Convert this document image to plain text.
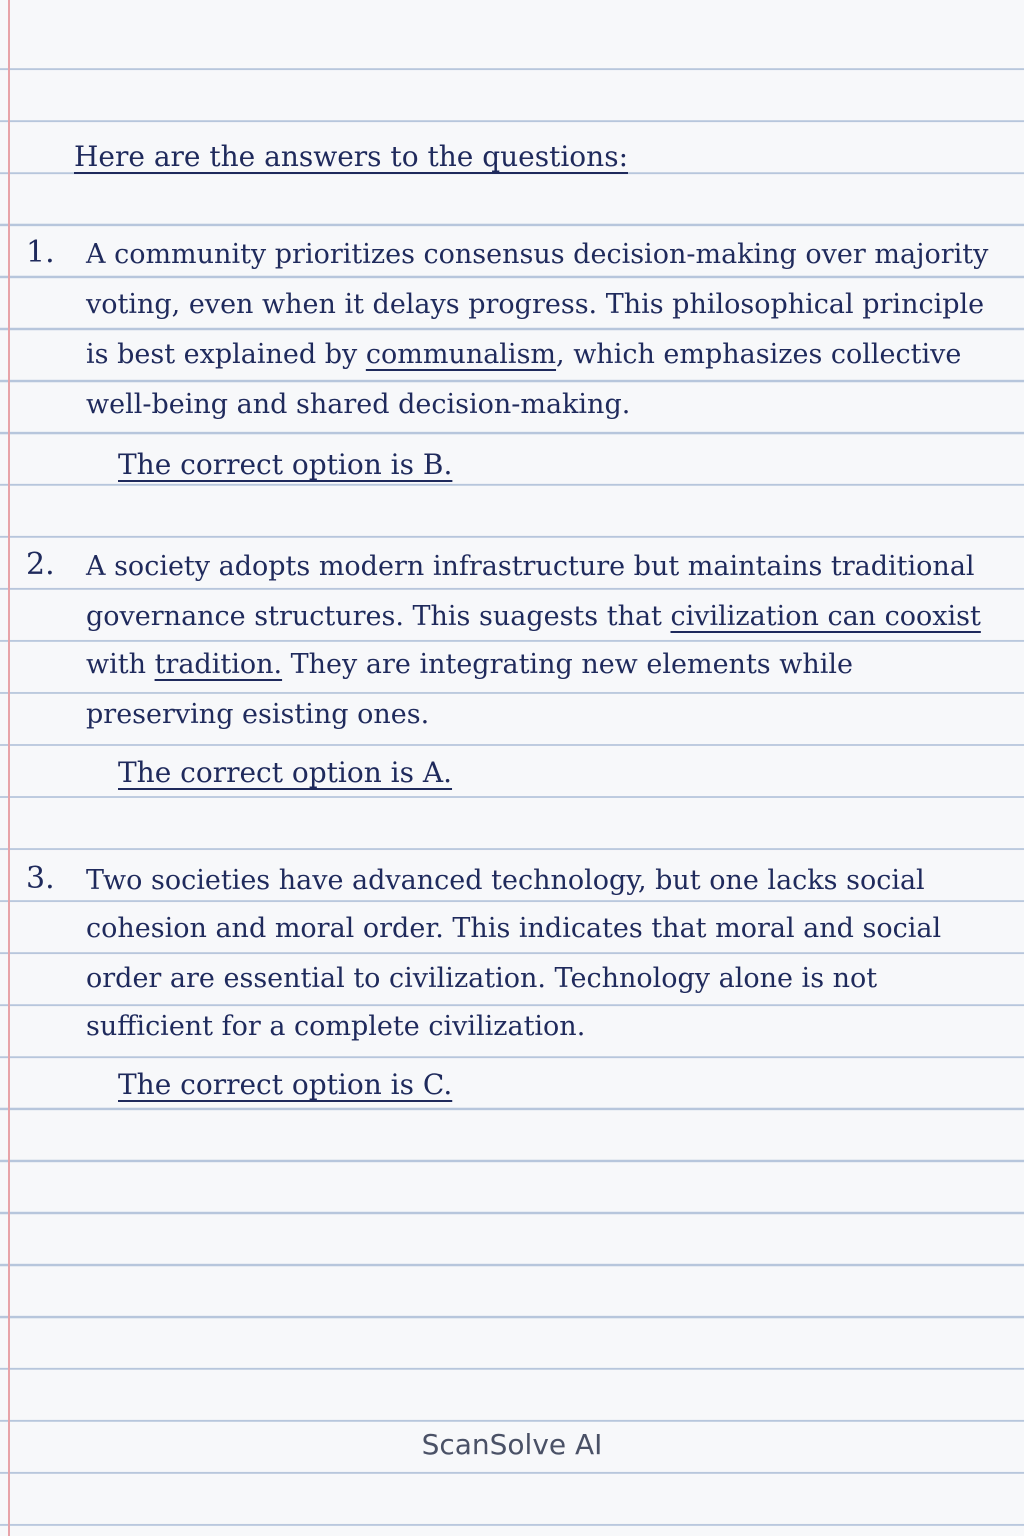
Here are the answers to the questions:
1. A community prioritizes consensus decision-making over majority
voting, even when it delays progress. This philosophical principle
is best explained by communalism, which emphasizes collective
well-being and shared decision-making.
The correct option is B.
2. A society adopts modern infrastructure but maintains traditional
governance structures. This suagests that civilization can cooxist
with tradition. They are integrating new elements while
preserving esisting ones.
The correct option is A.
3. Two societies have advanced technology, but one lacks social
cohesion and moral order. This indicates that moral and social
order are essential to civilization. Technology alone is not
sufficient for a complete civilization.
The correct option is C.
ScanSolve AI
